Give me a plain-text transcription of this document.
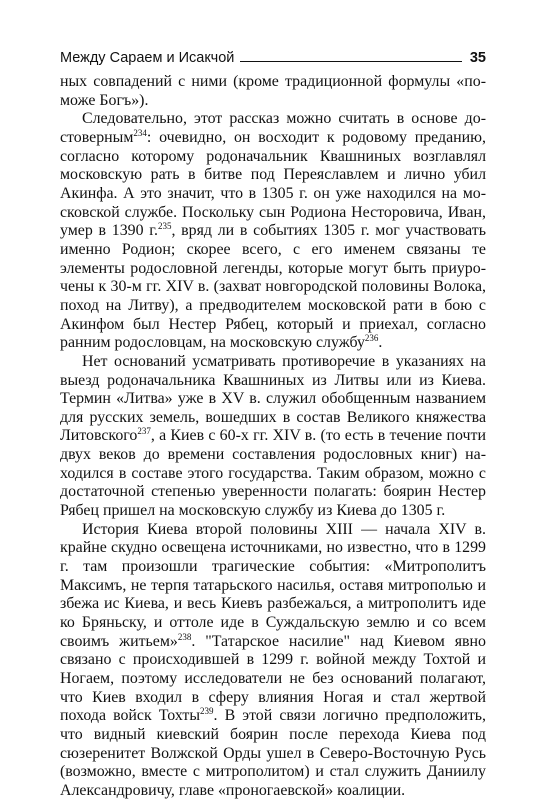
Между Сараем и Исакчой	35

ных совпадений с ними (кроме традиционной формулы «поможе Богъ»).

Следовательно, этот рассказ можно считать в основе достоверным$^{234}$: очевидно, он восходит к родовому преданию, согласно которому родоначальник Квашниных возглавлял московскую рать в битве под Переяславлем и лично убил Акинфа. А это значит, что в 1305 г. он уже находился на московской службе. Поскольку сын Родиона Несторовича, Иван, умер в 1390 г.$^{235}$, вряд ли в событиях 1305 г. мог участвовать именно Родион; скорее всего, с его именем связаны те элементы родословной легенды, которые могут быть приурочены к 30-м гг. XIV в. (захват новгородской половины Волока, поход на Литву), а предводителем московской рати в бою с Акинфом был Нестер Рябец, который и приехал, согласно ранним родословцам, на московскую службу$^{236}$.

Нет оснований усматривать противоречие в указаниях на выезд родоначальника Квашниных из Литвы или из Киева. Термин «Литва» уже в XV в. служил обобщенным названием для русских земель, вошедших в состав Великого княжества Литовского$^{237}$, а Киев с 60-х гг. XIV в. (то есть в течение почти двух веков до времени составления родословных книг) находился в составе этого государства. Таким образом, можно с достаточной степенью уверенности полагать: боярин Нестер Рябец пришел на московскую службу из Киева до 1305 г.

История Киева второй половины XIII — начала XIV в. крайне скудно освещена источниками, но известно, что в 1299 г. там произошли трагические события: «Митрополитъ Максимъ, не терпя татарьского насилья, оставя митрополью и збежа ис Киева, и весь Киевъ разбежаљся, а митрополитъ иде ко Бряньску, и оттоле иде в Суждальскую землю и со всем своимъ житьем»$^{238}$. "Татарское насилие" над Киевом явно связано с происходившей в 1299 г. войной между Тохтой и Ногаем, поэтому исследователи не без оснований полагают, что Киев входил в сферу влияния Ногая и стал жертвой похода войск Тохты$^{239}$. В этой связи логично предположить, что видный киевский боярин после перехода Киева под сюзеренитет Волжской Орды ушел в Северо-Восточную Русь (возможно, вместе с митрополитом) и стал служить Даниилу Александровичу, главе «проногаевской» коалиции.
